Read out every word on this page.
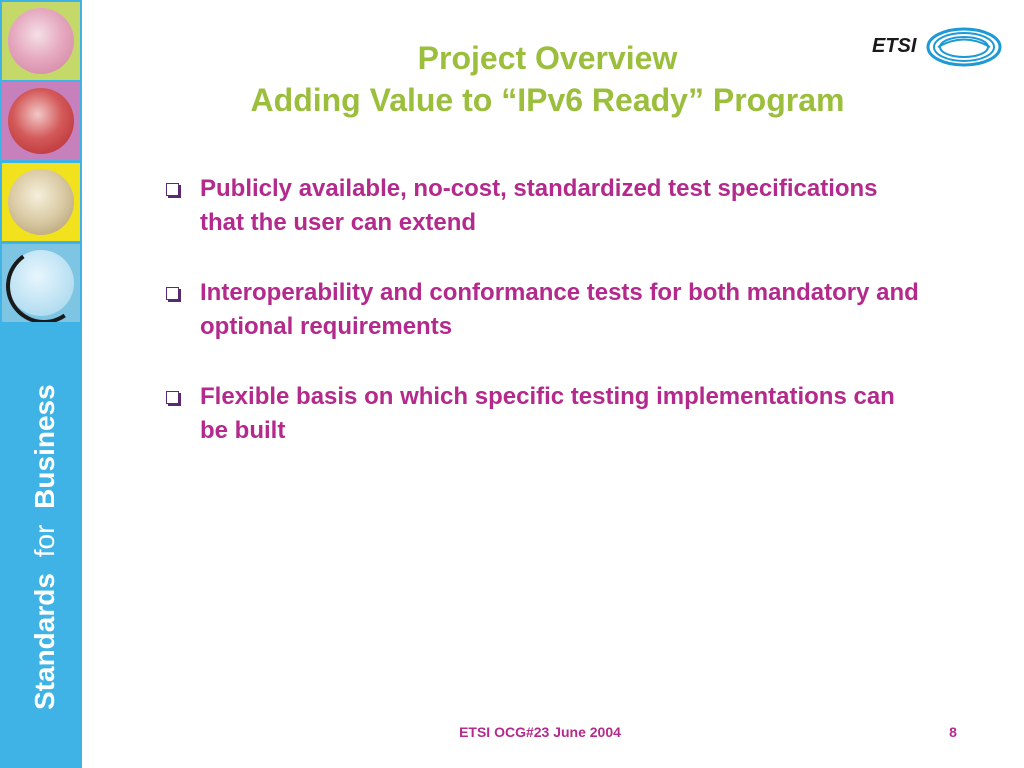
Standards for Business
Project Overview
Adding Value to “IPv6 Ready” Program
ETSI
Publicly available, no-cost, standardized test specifications that the user can extend
Interoperability and conformance tests for both mandatory and optional requirements
Flexible basis on which specific testing implementations can be built
ETSI OCG#23 June 2004	8
